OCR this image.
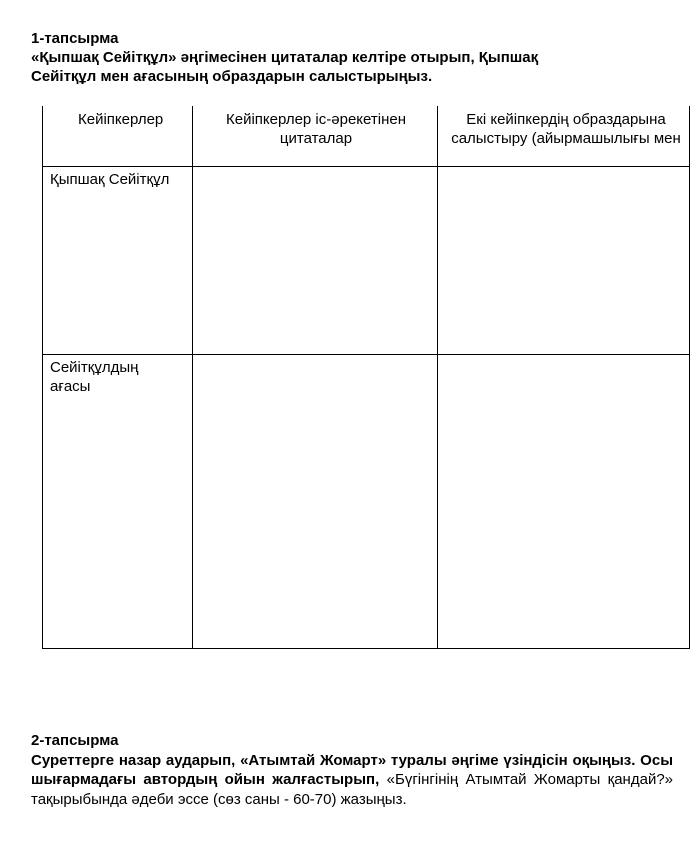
1-тапсырма
«Қыпшақ Сейітқұл» әңгімесінен цитаталар келтіре отырып, Қыпшақ
Сейітқұл мен ағасының образдарын салыстырыңыз.
Кейіпкерлер	Кейіпкерлер іс-әрекетінен цитаталар
Екі кейіпкердің образдарына салыстыру (айырмашылығы мен
Қыпшақ Сейітқұл
Сейітқұлдың ағасы
2-тапсырма
Суреттерге назар аударып, «Атымтай Жомарт» туралы әңгіме үзіндісін оқыңыз. Осы шығармадағы автордың ойын жалғастырып, «Бүгінгінің Атымтай Жомарты қандай?» тақырыбында әдеби эссе (сөз саны - 60-70) жазыңыз.
